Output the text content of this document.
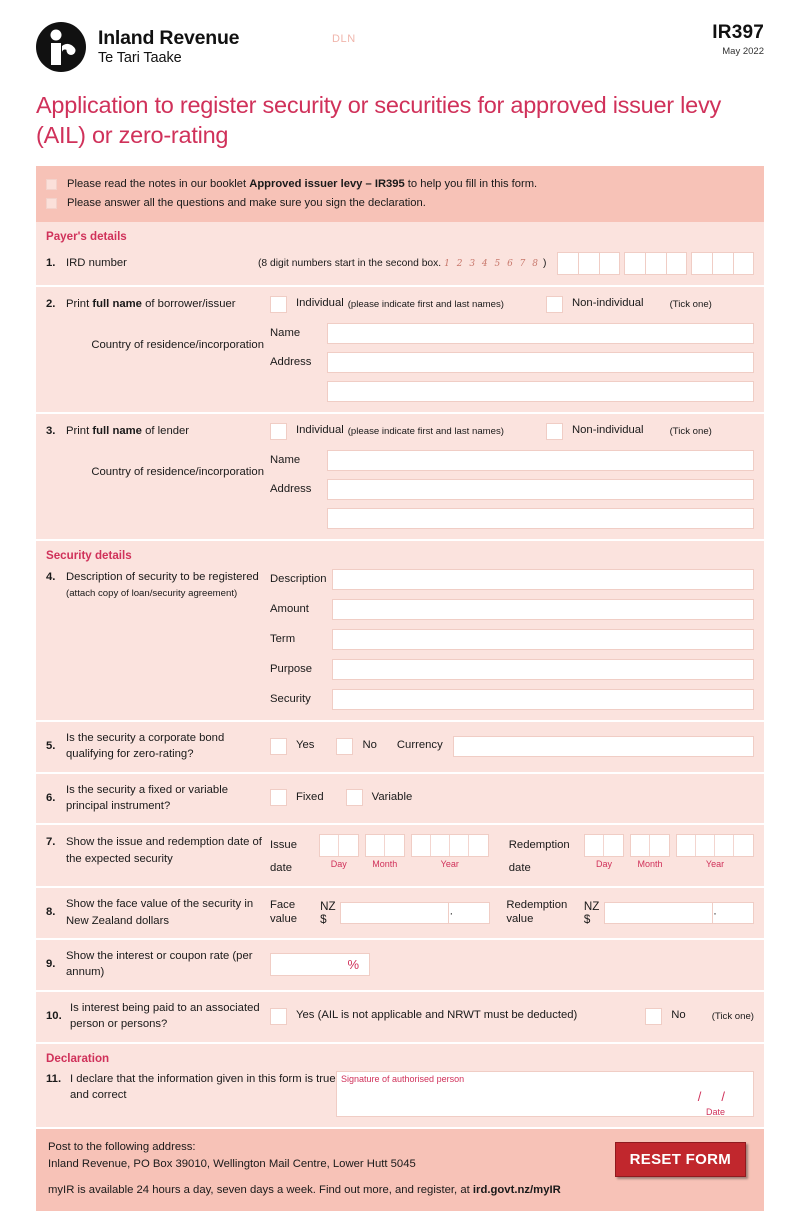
Inland Revenue
Te Tari Taake
DLN	IR397
May 2022
Application to register security or securities for approved issuer levy (AIL) or zero-rating
Please read the notes in our booklet Approved issuer levy – IR395 to help you fill in this form.
Please answer all the questions and make sure you sign the declaration.
Payer's details
1. IRD number	(8 digit numbers start in the second box. 1 2 3 4 5 6 7 8 )
2. Print full name of borrower/issuer
Country of residence/incorporation
Individual (please indicate first and last names)	Non-individual	(Tick one)
Name
Address
3. Print full name of lender
Country of residence/incorporation
Individual (please indicate first and last names)	Non-individual	(Tick one)
Name
Address
Security details
4. Description of security to be registered
(attach copy of loan/security agreement)
Description
Amount
Term
Purpose
Security
5.
Is the security a corporate bond qualifying for zero-rating?
Yes	No Currency
6.
Is the security a fixed or variable principal instrument?
Fixed	Variable
7. Show the issue and redemption date of the expected security
Issue date	Day	Month	Year
Redemption date	Day	Month	Year
8.
Show the face value of the security in New Zealand dollars
Face value
NZ $	·
Redemption value
NZ $	·
9.
Show the interest or coupon rate (per annum)
%
10.
Is interest being paid to an associated person or persons?
Yes (AIL is not applicable and NRWT must be deducted)	No	(Tick one)
Declaration
11. I declare that the information given in this form is true and correct
Signature of authorised person
//
Date

Post to the following address:

Inland Revenue, PO Box 39010, Wellington Mail Centre, Lower Hutt 5045

myIR is available 24 hours a day, seven days a week. Find out more, and register, at ird.govt.nz/myIR

RESET FORM
